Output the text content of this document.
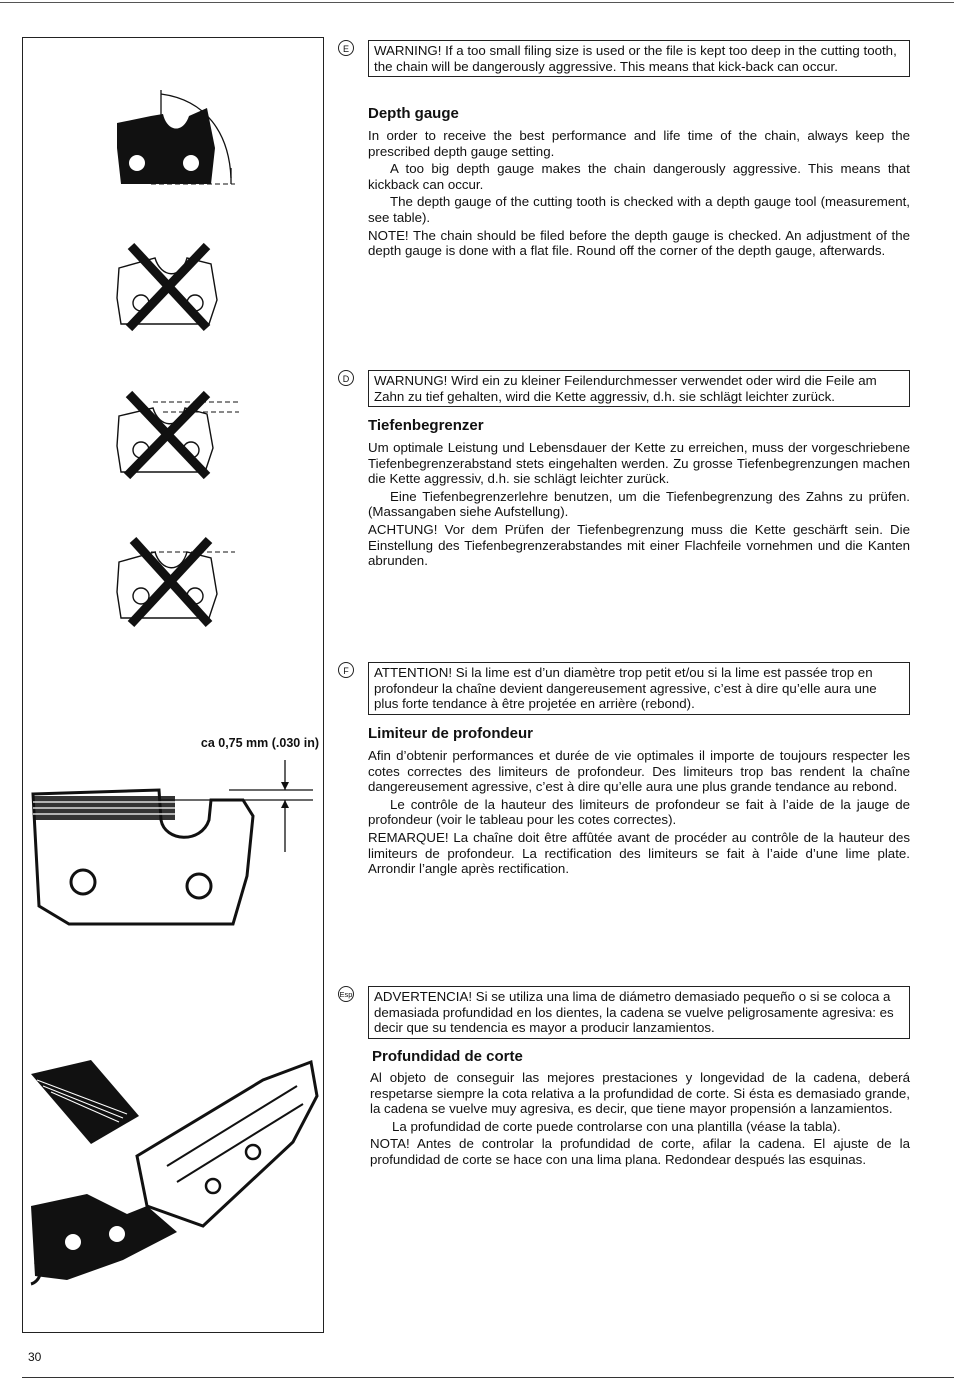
ca 0,75 mm (.030 in)
E	WARNING! If a too small filing size is used or the file is kept too deep in the cutting tooth, the chain will be dangerously aggressive. This means that kick-back can occur.
Depth gauge

In order to receive the best performance and life time of the chain, always keep the prescribed depth gauge setting.

A too big depth gauge makes the chain dangerously aggressive. This means that kickback can occur.

The depth gauge of the cutting tooth is checked with a depth gauge tool (measurement, see table).

NOTE! The chain should be filed before the depth gauge is checked. An adjustment of the depth gauge is done with a flat file. Round off the corner of the depth gauge, afterwards.

D	WARNUNG! Wird ein zu kleiner Feilendurchmesser verwendet oder wird die Feile am Zahn zu tief gehalten, wird die Kette aggressiv, d.h. sie schlägt leichter zurück.
Tiefenbegrenzer

Um optimale Leistung und Lebensdauer der Kette zu erreichen, muss der vorgeschriebene Tiefenbegrenzerabstand stets eingehalten werden. Zu grosse Tiefenbegrenzungen machen die Kette aggressiv, d.h. sie schlägt leichter zurück.

Eine Tiefenbegrenzerlehre benutzen, um die Tiefenbegrenzung des Zahns zu prüfen. (Massangaben siehe Aufstellung).

ACHTUNG! Vor dem Prüfen der Tiefenbegrenzung muss die Kette geschärft sein. Die Einstellung des Tiefenbegrenzerabstandes mit einer Flachfeile vornehmen und die Kanten abrunden.

F	ATTENTION! Si la lime est d’un diamètre trop petit et/ou si la lime est passée trop en profondeur la chaîne devient dangereusement agressive, c’est à dire qu’elle aura une plus forte tendance à être projetée en arrière (rebond).
Limiteur de profondeur

Afin d’obtenir performances et durée de vie optimales il importe de toujours respecter les cotes correctes des limiteurs de profondeur. Des limiteurs trop bas rendent la chaîne dangereusement agressive, c’est à dire qu’elle aura une plus grande tendance au rebond.

Le contrôle de la hauteur des limiteurs de profondeur se fait à l’aide de la jauge de profondeur (voir le tableau pour les cotes correctes).

REMARQUE! La chaîne doit être affûtée avant de procéder au contrôle de la hauteur des limiteurs de profondeur. La rectification des limiteurs se fait à l’aide d’une lime plate. Arrondir l’angle après rectification.

Esp	ADVERTENCIA! Si se utiliza una lima de diámetro demasiado pequeño o si se coloca a demasiada profundidad en los dientes, la cadena se vuelve peligrosamente agresiva: es decir que su tendencia es mayor a producir lanzamientos.
Profundidad de corte

Al objeto de conseguir las mejores prestaciones y longevidad de la cadena, deberá respetarse siempre la cota relativa a la profundidad de corte. Si ésta es demasiado grande, la cadena se vuelve muy agresiva, es decir, que tiene mayor propensión a lanzamientos.

La profundidad de corte puede controlarse con una plantilla (véase la tabla).

NOTA! Antes de controlar la profundidad de corte, afilar la cadena. El ajuste de la profundidad de corte se hace con una lima plana. Redondear después las esquinas.

30
